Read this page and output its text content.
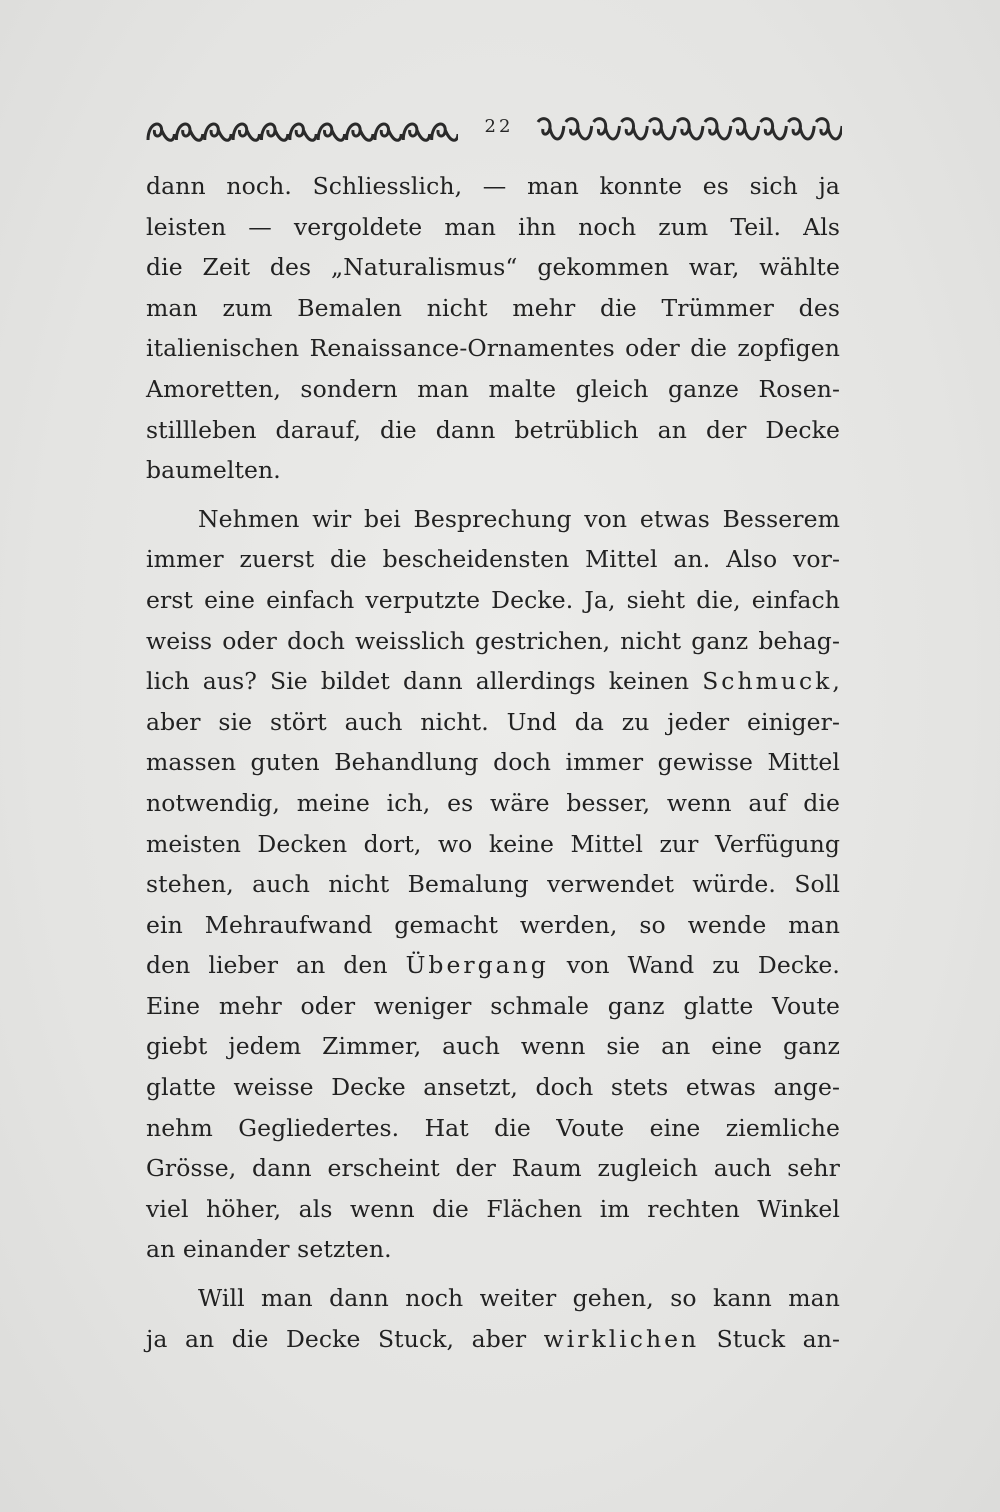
22
dann noch. Schliesslich, — man konnte es sich ja
leisten — vergoldete man ihn noch zum Teil. Als
die Zeit des „Naturalismus“ gekommen war, wählte
man zum Bemalen nicht mehr die Trümmer des
italienischen Renaissance-Ornamentes oder die zopfigen
Amoretten, sondern man malte gleich ganze Rosen-
stillleben darauf, die dann betrüblich an der Decke
baumelten.
Nehmen wir bei Besprechung von etwas Besserem
immer zuerst die bescheidensten Mittel an. Also vor-
erst eine einfach verputzte Decke. Ja, sieht die, einfach
weiss oder doch weisslich gestrichen, nicht ganz behag-
lich aus? Sie bildet dann allerdings keinen Schmuck,
aber sie stört auch nicht. Und da zu jeder einiger-
massen guten Behandlung doch immer gewisse Mittel
notwendig, meine ich, es wäre besser, wenn auf die
meisten Decken dort, wo keine Mittel zur Verfügung
stehen, auch nicht Bemalung verwendet würde. Soll
ein Mehraufwand gemacht werden, so wende man
den lieber an den Übergang von Wand zu Decke.
Eine mehr oder weniger schmale ganz glatte Voute
giebt jedem Zimmer, auch wenn sie an eine ganz
glatte weisse Decke ansetzt, doch stets etwas ange-
nehm Gegliedertes. Hat die Voute eine ziemliche
Grösse, dann erscheint der Raum zugleich auch sehr
viel höher, als wenn die Flächen im rechten Winkel
an einander setzten.
Will man dann noch weiter gehen, so kann man
ja an die Decke Stuck, aber wirklichen Stuck an-
